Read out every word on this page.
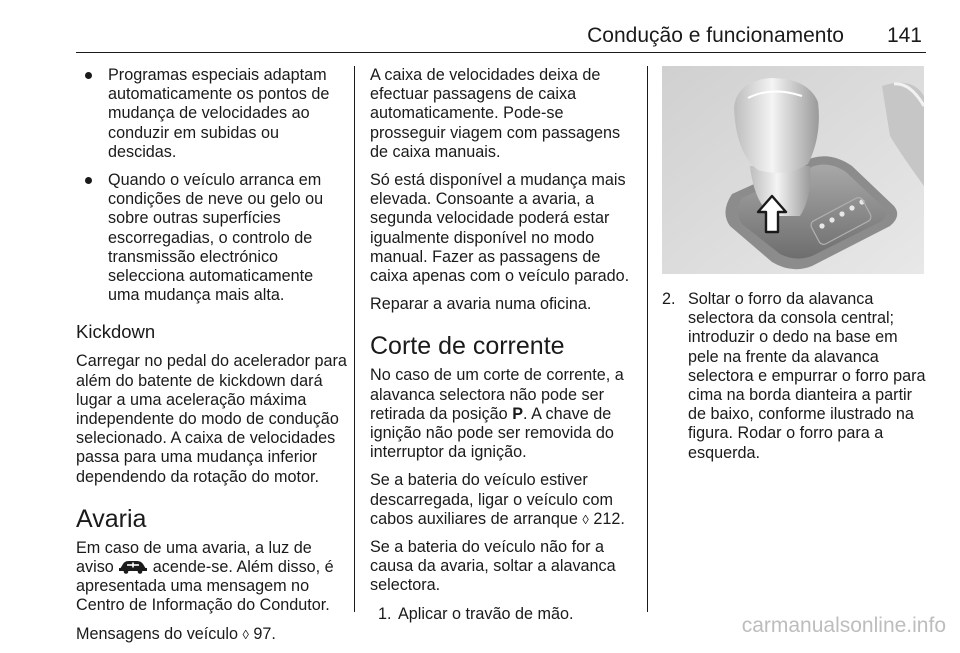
Condução e funcionamento 141
Programas especiais adaptam automaticamente os pontos de mudança de velocidades ao conduzir em subidas ou descidas.
Quando o veículo arranca em condições de neve ou gelo ou sobre outras superfícies escorregadias, o controlo de transmissão electrónico selecciona automaticamente uma mudança mais alta.
Kickdown

Carregar no pedal do acelerador para além do batente de kickdown dará lugar a uma aceleração máxima independente do modo de condução selecionado. A caixa de velocidades passa para uma mudança inferior dependendo da rotação do motor.

Avaria

Em caso de uma avaria, a luz de aviso acende-se. Além disso, é apresentada uma mensagem no Centro de Informação do Condutor.

Mensagens do veículo ◊ 97.

A caixa de velocidades deixa de efectuar passagens de caixa automaticamente. Pode-se prosseguir viagem com passagens de caixa manuais.

Só está disponível a mudança mais elevada. Consoante a avaria, a segunda velocidade poderá estar igualmente disponível no modo manual. Fazer as passagens de caixa apenas com o veículo parado.

Reparar a avaria numa oficina.

Corte de corrente

No caso de um corte de corrente, a alavanca selectora não pode ser retirada da posição P. A chave de ignição não pode ser removida do interruptor da ignição.

Se a bateria do veículo estiver descarregada, ligar o veículo com cabos auxiliares de arranque ◊ 212.

Se a bateria do veículo não for a causa da avaria, soltar a alavanca selectora.

1. Aplicar o travão de mão.
2. Soltar o forro da alavanca selectora da consola central; introduzir o dedo na base em pele na frente da alavanca selectora e empurrar o forro para cima na borda dianteira a partir de baixo, conforme ilustrado na figura. Rodar o forro para a esquerda.
carmanualsonline.info
